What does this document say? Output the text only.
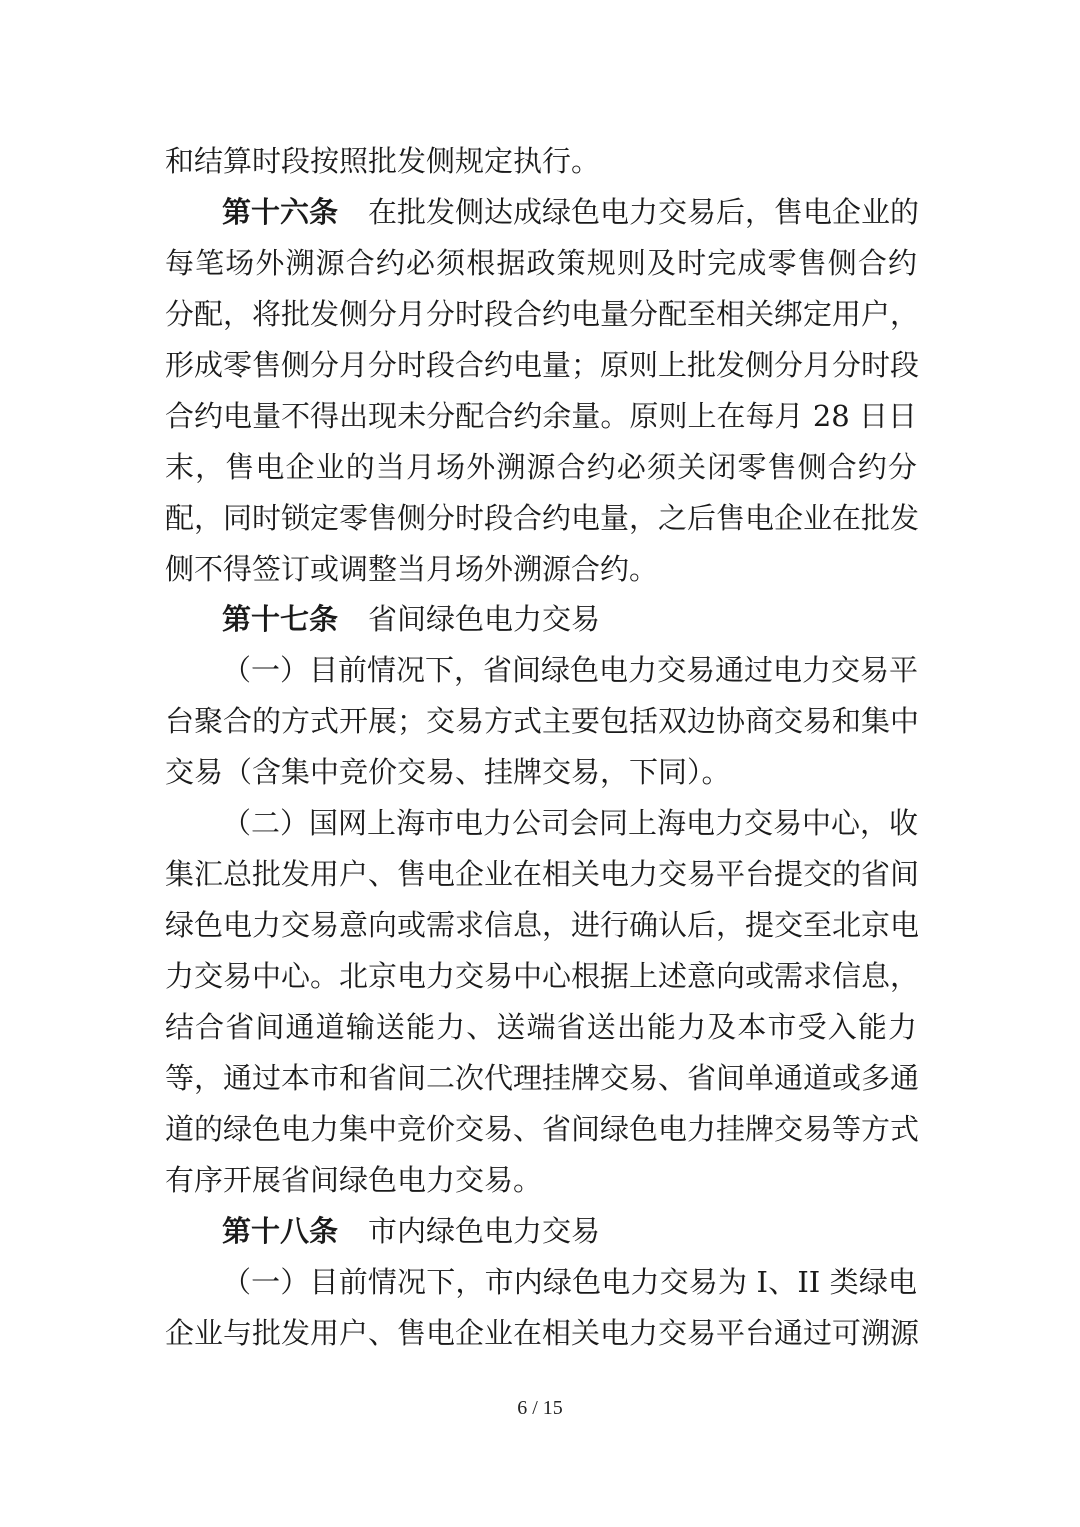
和结算时段按照批发侧规定执行。
第十六条 在批发侧达成绿色电力交易后，售电企业的
每笔场外溯源合约必须根据政策规则及时完成零售侧合约
分配，将批发侧分月分时段合约电量分配至相关绑定用户，
形成零售侧分月分时段合约电量；原则上批发侧分月分时段
合约电量不得出现未分配合约余量。原则上在每月 28 日日
末，售电企业的当月场外溯源合约必须关闭零售侧合约分
配，同时锁定零售侧分时段合约电量，之后售电企业在批发
侧不得签订或调整当月场外溯源合约。
第十七条 省间绿色电力交易
（一）目前情况下，省间绿色电力交易通过电力交易平
台聚合的方式开展；交易方式主要包括双边协商交易和集中
交易（含集中竞价交易、挂牌交易，下同）。
（二）国网上海市电力公司会同上海电力交易中心，收
集汇总批发用户、售电企业在相关电力交易平台提交的省间
绿色电力交易意向或需求信息，进行确认后，提交至北京电
力交易中心。北京电力交易中心根据上述意向或需求信息，
结合省间通道输送能力、送端省送出能力及本市受入能力
等，通过本市和省间二次代理挂牌交易、省间单通道或多通
道的绿色电力集中竞价交易、省间绿色电力挂牌交易等方式
有序开展省间绿色电力交易。
第十八条 市内绿色电力交易
（一）目前情况下，市内绿色电力交易为 I、II 类绿电
企业与批发用户、售电企业在相关电力交易平台通过可溯源
6 / 15
